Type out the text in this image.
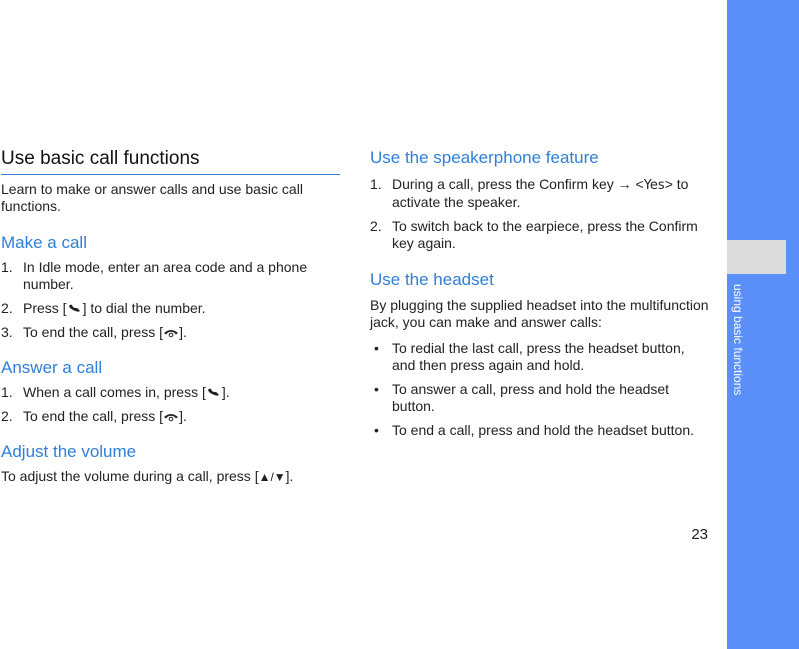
using basic functions
23
Use basic call functions

Learn to make or answer calls and use basic call functions.

Make a call
1. In Idle mode, enter an area code and a phone number.
2. Press [ ] to dial the number.
3. To end the call, press [ ].
Answer a call
1. When a call comes in, press [ ].
2. To end the call, press [ ].
Adjust the volume

To adjust the volume during a call, press [▲/▼].

Use the speakerphone feature
1. During a call, press the Confirm key → <Yes> to activate the speaker.
2. To switch back to the earpiece, press the Confirm key again.
Use the headset

By plugging the supplied headset into the multifunction jack, you can make and answer calls:

• To redial the last call, press the headset button, and then press again and hold.
• To answer a call, press and hold the headset button.
• To end a call, press and hold the headset button.
